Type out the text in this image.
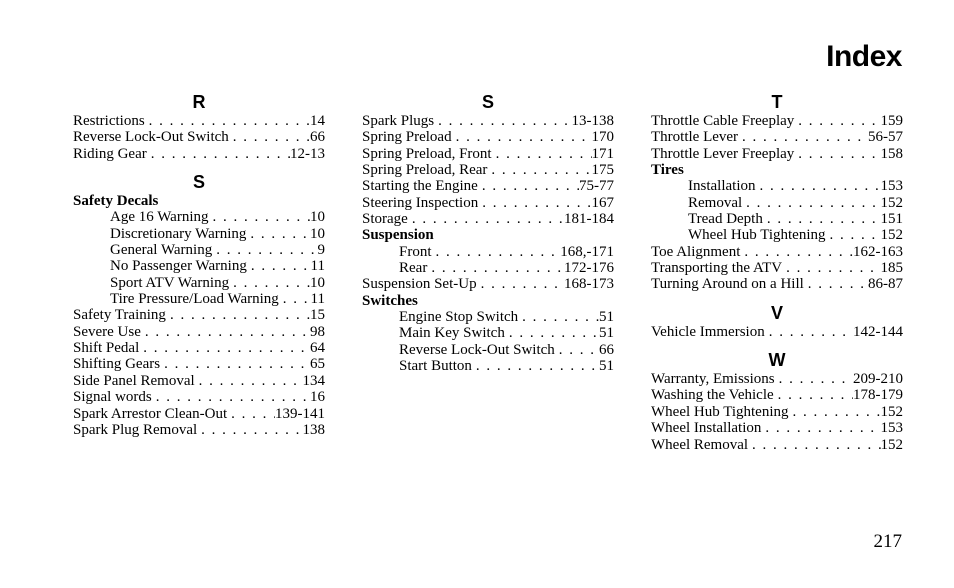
Index
R
Restrictions . . .	14
Reverse Lock-Out Switch . . .	66
Riding Gear . . .	12-13
S
Safety Decals
Age 16 Warning . . .	10
Discretionary Warning . . .	10
General Warning . . .	9
No Passenger Warning . . .	11
Sport ATV Warning . . .	10
Tire Pressure/Load Warning . . . 11
Safety Training . . .	15
Severe Use . . .	98
Shift Pedal . . .	64
Shifting Gears . . .	65
Side Panel Removal . . .	134
Signal words . . .	16
Spark Arrestor Clean-Out . . .	139-141
Spark Plug Removal . . .	138
S
Spark Plugs . . .	13-138
Spring Preload . . .	170
Spring Preload, Front . . .	171
Spring Preload, Rear . . .	175
Starting the Engine . . .	75-77
Steering Inspection . . .	167
Storage . . .	181-184
Suspension
Front . . .	168,-171
Rear . . .	172-176
Suspension Set-Up . . .	168-173
Switches
Engine Stop Switch . . .	51
Main Key Switch . . .	51
Reverse Lock-Out Switch . . .	66
Start Button . . .	51
T
Throttle Cable Freeplay . . .	159
Throttle Lever . . .	56-57
Throttle Lever Freeplay . . .	158
Tires
Installation . . .	153
Removal . . .	152
Tread Depth . . .	151
Wheel Hub Tightening . . .	152
Toe Alignment . . .	162-163
Transporting the ATV . . .	185
Turning Around on a Hill . . .	86-87
V
Vehicle Immersion . . .	142-144
W
Warranty, Emissions . . .	209-210
Washing the Vehicle . . .	178-179
Wheel Hub Tightening . . .	152
Wheel Installation . . .	153
Wheel Removal . . .	152
217
